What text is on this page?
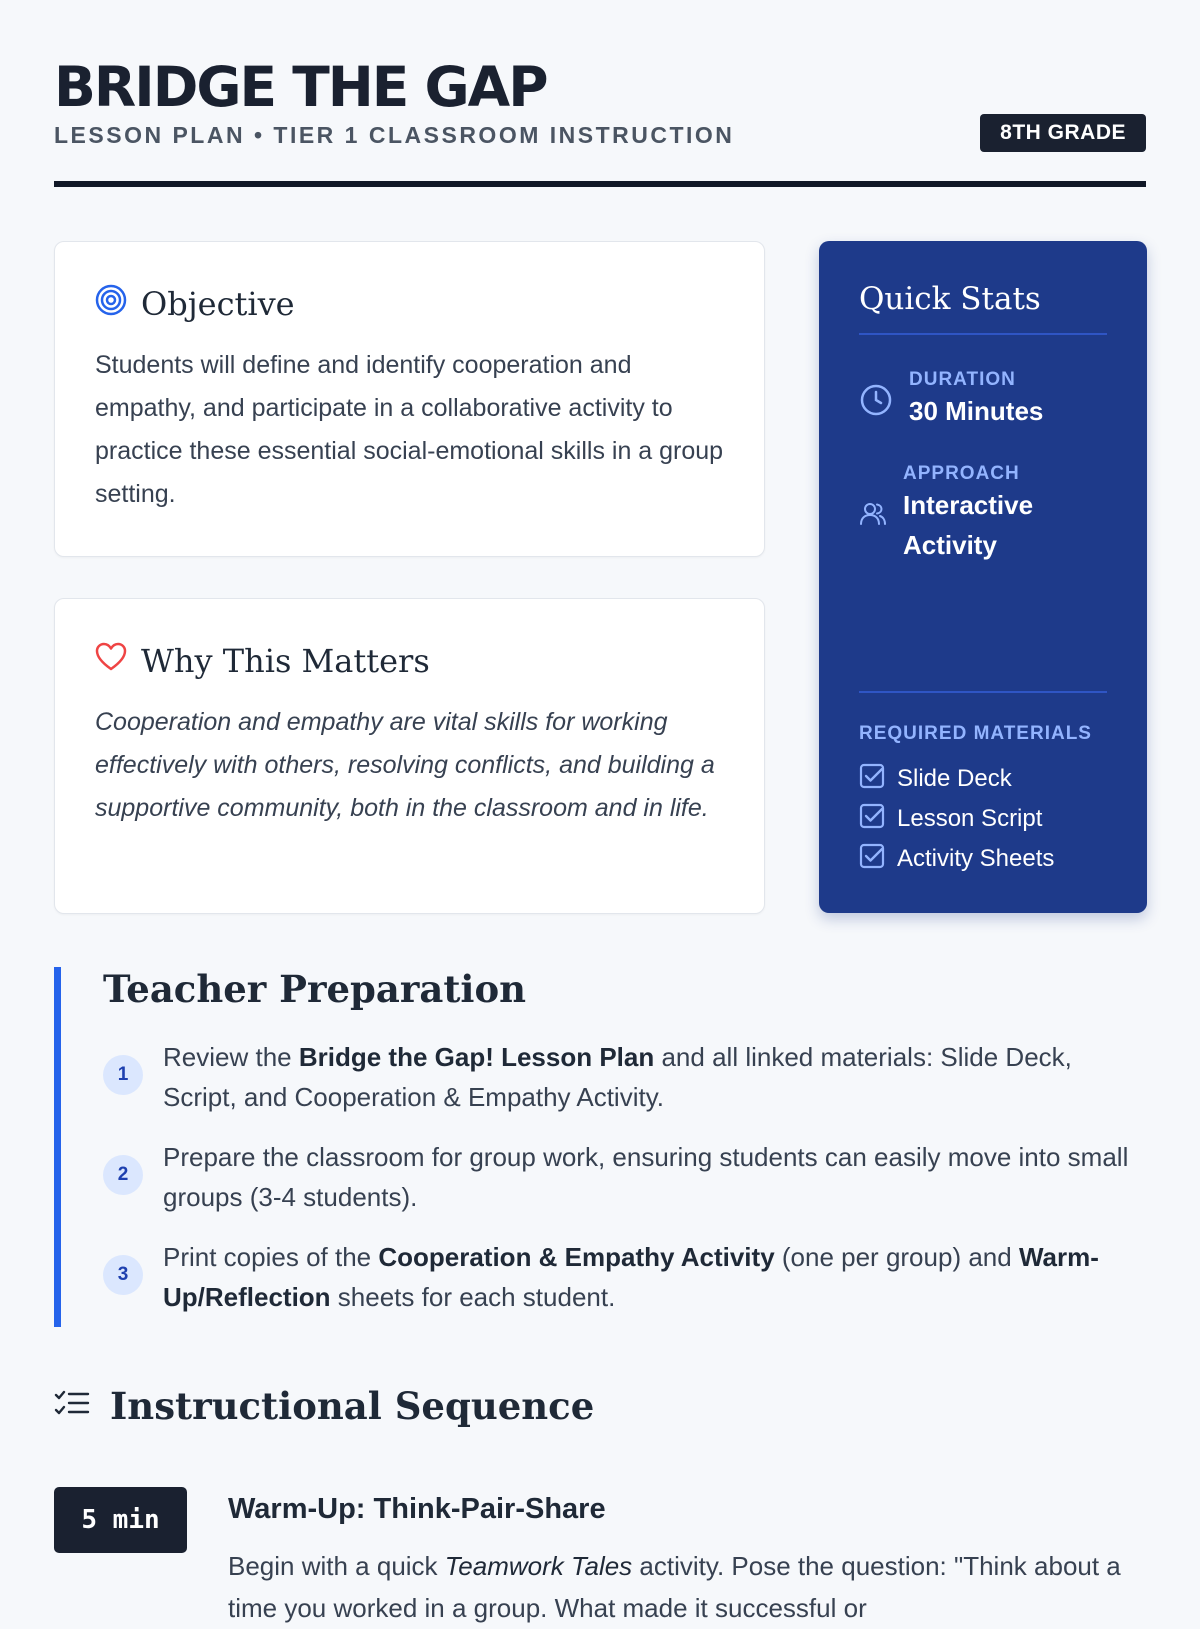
BRIDGE THE GAP
LESSON PLAN • TIER 1 CLASSROOM INSTRUCTION	8TH GRADE
Objective

Students will define and identify cooperation and empathy, and participate in a collaborative activity to practice these essential social-emotional skills in a group setting.

Why This Matters

Cooperation and empathy are vital skills for working effectively with others, resolving conflicts, and building a supportive community, both in the classroom and in life.

Quick Stats
DURATION
30 Minutes
APPROACH
Interactive Activity
REQUIRED MATERIALS
Slide Deck
Lesson Script
Activity Sheets
Teacher Preparation
1

Review the Bridge the Gap! Lesson Plan and all linked materials: Slide Deck, Script, and Cooperation & Empathy Activity.

2

Prepare the classroom for group work, ensuring students can easily move into small groups (3-4 students).

3

Print copies of the Cooperation & Empathy Activity (one per group) and Warm-Up/Reflection sheets for each student.

Instructional Sequence
5 min	Warm-Up: Think-Pair-Share

Begin with a quick Teamwork Tales activity. Pose the question: "Think about a time you worked in a group. What made it successful or
